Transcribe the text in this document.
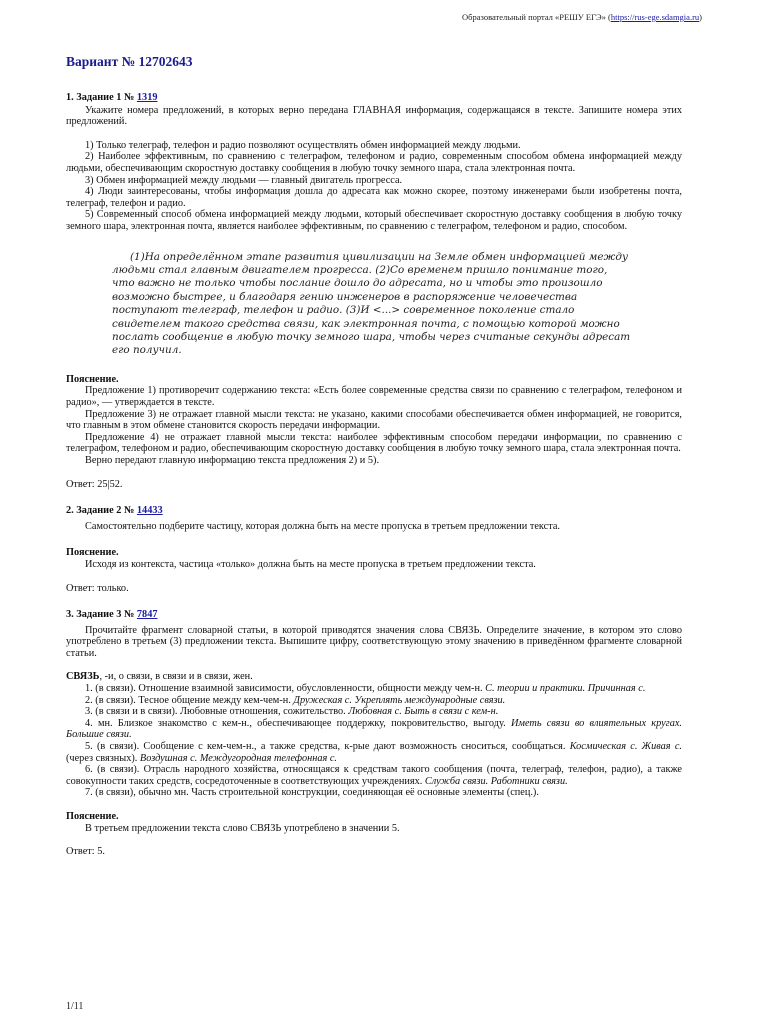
Образовательный портал «РЕШУ ЕГЭ» (https://rus-ege.sdamgia.ru)
Вариант № 12702643
1. Задание 1 № 1319

Укажите номера предложений, в которых верно передана ГЛАВНАЯ информация, содержащаяся в тексте. Запишите номера этих предложений.

1) Только телеграф, телефон и радио позволяют осуществлять обмен информацией между людьми.

2) Наиболее эффективным, по сравнению с телеграфом, телефоном и радио, современным способом обмена информацией между людьми, обеспечивающим скоростную доставку сообщения в любую точку земного шара, стала электронная почта.

3) Обмен информацией между людьми — главный двигатель прогресса.

4) Люди заинтересованы, чтобы информация дошла до адресата как можно скорее, поэтому инженерами были изобретены почта, телеграф, телефон и радио.

5) Современный способ обмена информацией между людьми, который обеспечивает скоростную доставку сообщения в любую точку земного шара, электронная почта, является наиболее эффективным, по сравнению с телеграфом, телефоном и радио, способом.

(1)На определённом этапе развития цивилизации на Земле обмен информацией между людьми стал главным двигателем прогресса. (2)Со временем пришло понимание того, что важно не только чтобы послание дошло до адресата, но и чтобы это произошло возможно быстрее, и благодаря гению инженеров в распоряжение человечества поступают телеграф, телефон и радио. (3)И <...> современное поколение стало свидетелем такого средства связи, как электронная почта, с помощью которой можно послать сообщение в любую точку земного шара, чтобы через считаные секунды адресат его получил.

Пояснение.

Предложение 1) противоречит содержанию текста: «Есть более современные средства связи по сравнению с телеграфом, телефоном и радио», — утверждается в тексте.

Предложение 3) не отражает главной мысли текста: не указано, какими способами обеспечивается обмен информацией, не говорится, что главным в этом обмене становится скорость передачи информации.

Предложение 4) не отражает главной мысли текста: наиболее эффективным способом передачи информации, по сравнению с телеграфом, телефоном и радио, обеспечивающим скоростную доставку сообщения в любую точку земного шара, стала электронная почта.

Верно передают главную информацию текста предложения 2) и 5).

Ответ: 25|52.

2. Задание 2 № 14433

Самостоятельно подберите частицу, которая должна быть на месте пропуска в третьем предложении текста.

Пояснение.

Исходя из контекста, частица «только» должна быть на месте пропуска в третьем предложении текста.

Ответ: только.

3. Задание 3 № 7847

Прочитайте фрагмент словарной статьи, в которой приводятся значения слова СВЯЗЬ. Определите значение, в котором это слово употреблено в третьем (3) предложении текста. Выпишите цифру, соответствующую этому значению в приведённом фрагменте словарной статьи.

СВЯЗЬ, -и, о связи, в связи и в связи, жен.

1. (в связи). Отношение взаимной зависимости, обусловленности, общности между чем-н. С. теории и практики. Причинная с.

2. (в связи). Тесное общение между кем-чем-н. Дружеская с. Укреплять международные связи.

3. (в связи и в связи). Любовные отношения, сожительство. Любовная с. Быть в связи с кем-н.

4. мн. Близкое знакомство с кем-н., обеспечивающее поддержку, покровительство, выгоду. Иметь связи во влиятельных кругах. Большие связи.

5. (в связи). Сообщение с кем-чем-н., а также средства, к-рые дают возможность сноситься, сообщаться. Космическая с. Живая с. (через связных). Воздушная с. Междугородная телефонная с.

6. (в связи). Отрасль народного хозяйства, относящаяся к средствам такого сообщения (почта, телеграф, телефон, радио), а также совокупности таких средств, сосредоточенные в соответствующих учреждениях. Служба связи. Работники связи.

7. (в связи), обычно мн. Часть строительной конструкции, соединяющая её основные элементы (спец.).

Пояснение.

В третьем предложении текста слово СВЯЗЬ употреблено в значении 5.

Ответ: 5.

1/11
